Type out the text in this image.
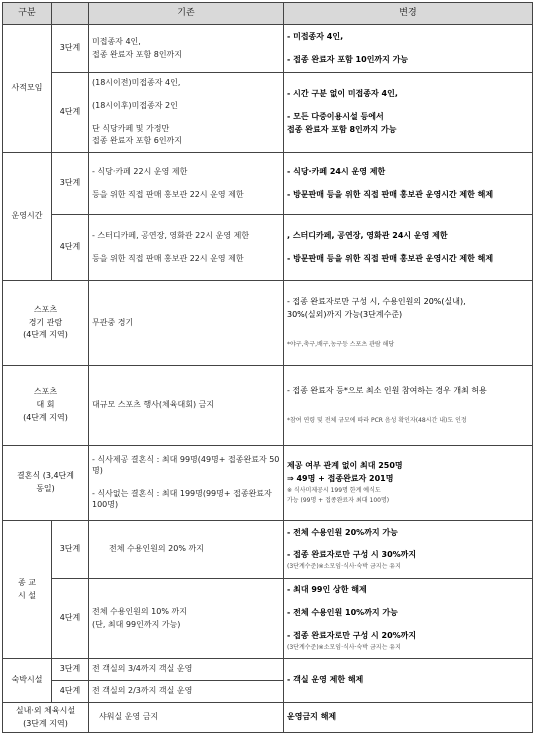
구분		기존	변경
사적모임	3단계	미접종자 4인,
접종 완료자 포함 8인까지	- 미접종자 4인,
- 접종 완료자 포함 10인까지 가능

	4단계	(18시이전)미접종자 4인,
(18시이후)미접종자 2인
단 식당카페 및 가정만
접종 완료자 포함 6인까지	- 시간 구분 없이 미접종자 4인,
- 모든 다중이용시설 등에서
접종 완료자 포함 8인까지 가능

운영시간	3단계	- 식당·카페 22시 운영 제한
등을 위한 직접 판매 홍보관 22시 운영 제한	- 식당·카페 24시 운영 제한
- 방문판매 등을 위한 직접 판매 홍보관 운영시간 제한 해제

	4단계	- 스터디카페, 공연장, 영화관 22시 운영 제한
등을 위한 직접 판매 홍보관 22시 운영 제한	, 스터디카페, 공연장, 영화관 24시 운영 제한
- 방문판매 등을 위한 직접 판매 홍보관 운영시간 제한 해제

스포츠
경기 관람
(4단계 지역)		무관중 경기	- 접종 완료자로만 구성 시, 수용인원의 20%(실내),
30%(실외)까지 가능(3단계수준)
*야구,축구,배구,농구등 스포츠 관람 해당

스포츠
대 회
(4단계 지역)		대규모 스포츠 행사(체육대회) 금지	- 접종 완료자 등*으로 최소 인원 참여하는 경우 개최 허용
*참여 연령 및 전체 규모에 따라 PCR 음성 확인자(48시간 내)도 인정

결혼식 (3,4단계
동일)		- 식사제공 결혼식 : 최대 99명(49명+ 접종완료자 50명)
- 식사없는 결혼식 : 최대 199명(99명+ 접종완료자 100명)	제공 여부 관계 없이 최대 250명
⇒ 49명 + 접종완료자 201명
※ 식사미제공시 199명 한계 예식도
가능 (99명 + 접종완료자 최대 100명)

종 교
시 설	3단계	전체 수용인원의 20% 까지	- 전체 수용인원 20%까지 가능
- 접종 완료자로만 구성 시 30%까지
(3단계수준)※소모임·식사·숙박 금지는 유지

	4단계	전체 수용인원의 10% 까지
(단, 최대 99인까지 가능)	- 최대 99인 상한 해제
- 전체 수용인원 10%까지 가능
- 접종 완료자로만 구성 시 20%까지
(3단계수준)※소모임·식사·숙박 금지는 유지

숙박시설	3단계	전 객실의 3/4까지 객실 운영	- 객실 운영 제한 해제
	4단계	전 객실의 2/3까지 객실 운영	

실내·외 체육시설
(3단계 지역)		샤워실 운영 금지	운영금지 해제
